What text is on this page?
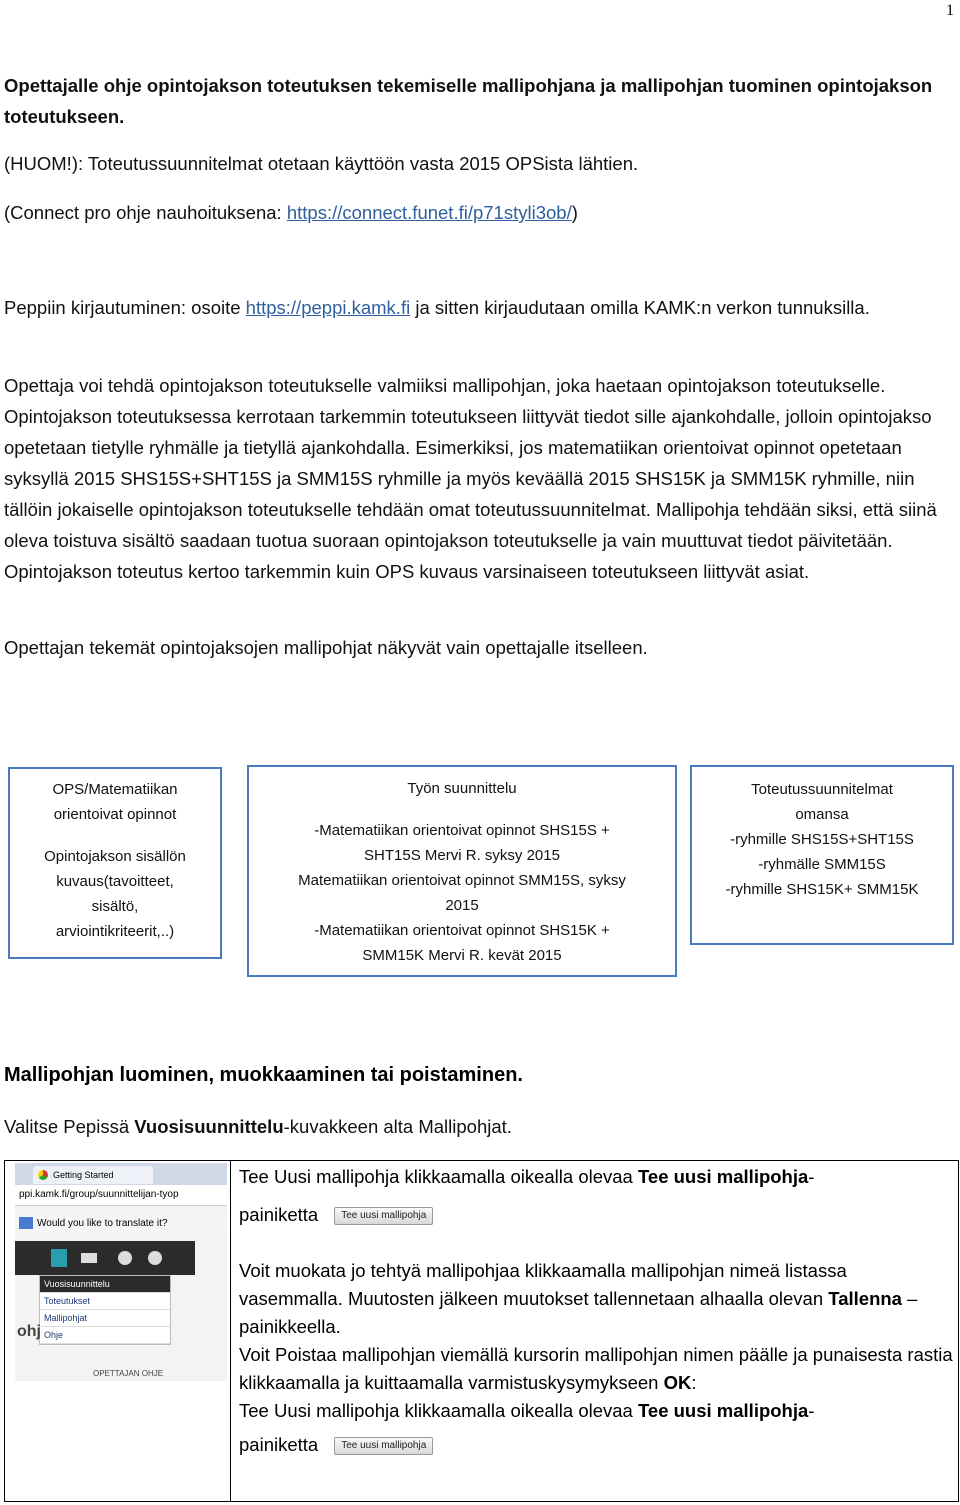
1
Opettajalle ohje opintojakson toteutuksen tekemiselle mallipohjana ja mallipohjan tuominen opintojakson toteutukseen.
(HUOM!): Toteutussuunnitelmat otetaan käyttöön vasta 2015 OPSista lähtien.
(Connect pro ohje nauhoituksena: https://connect.funet.fi/p71styli3ob/)
Peppiin kirjautuminen: osoite https://peppi.kamk.fi ja sitten kirjaudutaan omilla KAMK:n verkon tunnuksilla.
Opettaja voi tehdä opintojakson toteutukselle valmiiksi mallipohjan, joka haetaan opintojakson toteutukselle. Opintojakson toteutuksessa kerrotaan tarkemmin toteutukseen liittyvät tiedot sille ajankohdalle, jolloin opintojakso opetetaan tietylle ryhmälle ja tietyllä ajankohdalla. Esimerkiksi, jos matematiikan orientoivat opinnot opetetaan syksyllä 2015 SHS15S+SHT15S ja SMM15S ryhmille ja myös keväällä 2015 SHS15K ja SMM15K ryhmille, niin tällöin jokaiselle opintojakson toteutukselle tehdään omat toteutussuunnitelmat. Mallipohja tehdään siksi, että siinä oleva toistuva sisältö saadaan tuotua suoraan opintojakson toteutukselle ja vain muuttuvat tiedot päivitetään. Opintojakson toteutus kertoo tarkemmin kuin OPS kuvaus varsinaiseen toteutukseen liittyvät asiat.
Opettajan tekemät opintojaksojen mallipohjat näkyvät vain opettajalle itselleen.
OPS/Matematiikan
orientoivat opinnot
Opintojakson sisällön
kuvaus(tavoitteet,
sisältö,
arviointikriteerit,..)
Työn suunnittelu
-Matematiikan orientoivat opinnot SHS15S +
SHT15S Mervi R. syksy 2015
Matematiikan orientoivat opinnot SMM15S, syksy
2015
-Matematiikan orientoivat opinnot SHS15K +
SMM15K Mervi R. kevät 2015
Toteutussuunnitelmat
omansa
-ryhmille SHS15S+SHT15S
-ryhmälle SMM15S
-ryhmille SHS15K+ SMM15K
Mallipohjan luominen, muokkaaminen tai poistaminen.
Valitse Pepissä Vuosisuunnittelu-kuvakkeen alta Mallipohjat.
Getting Started
ppi.kamk.fi/group/suunnittelijan-tyop
Would you like to translate it?
Vuosisuunnittelu
Toteutukset
Mallipohjat
Ohje
ohj
OPETTAJAN OHJE
Tee Uusi mallipohja klikkaamalla oikealla olevaa Tee uusi mallipohja-
painiketta Tee uusi mallipohja
Voit muokata jo tehtyä mallipohjaa klikkaamalla mallipohjan nimeä listassa vasemmalla. Muutosten jälkeen muutokset tallennetaan alhaalla olevan Tallenna – painikkeella.
Voit Poistaa mallipohjan viemällä kursorin mallipohjan nimen päälle ja punaisesta rastia klikkaamalla ja kuittaamalla varmistuskysymykseen OK:
Tee Uusi mallipohja klikkaamalla oikealla olevaa Tee uusi mallipohja-
painiketta Tee uusi mallipohja
